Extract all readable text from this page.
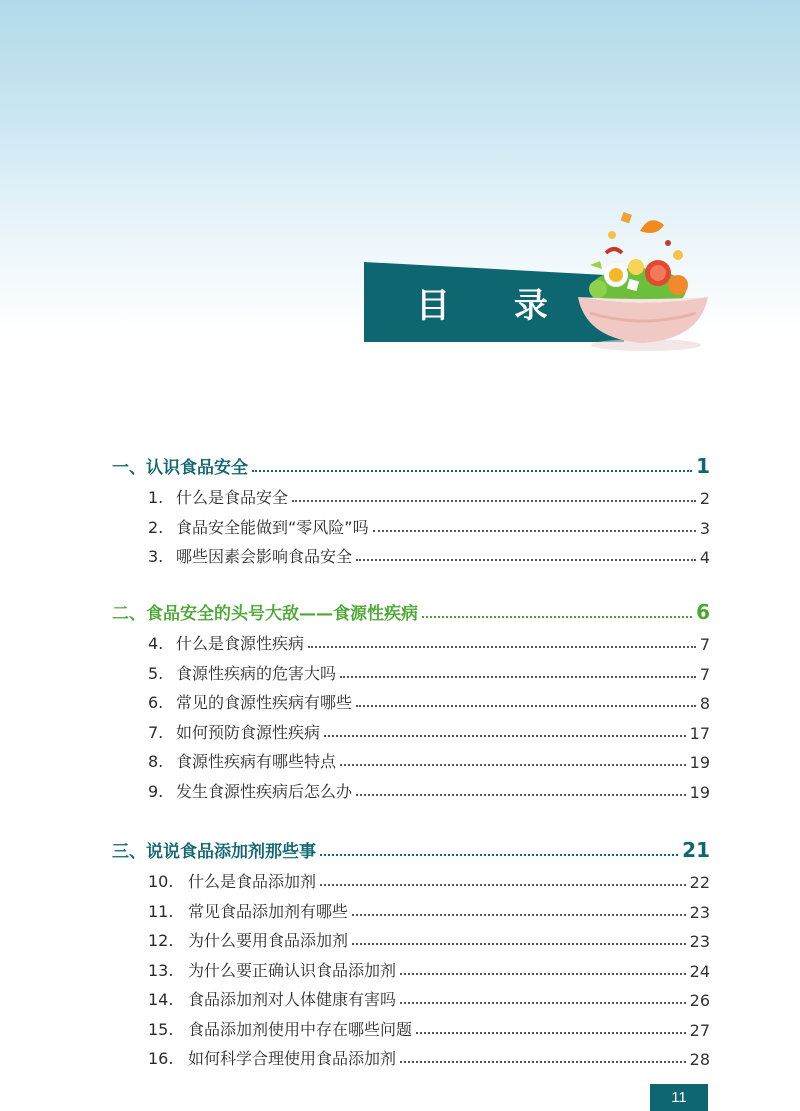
目 录
一、认识食品安全	1
1. 什么是食品安全	2
2. 食品安全能做到“零风险”吗	3
3. 哪些因素会影响食品安全	4
二、食品安全的头号大敌——食源性疾病	6
4. 什么是食源性疾病	7
5. 食源性疾病的危害大吗	7
6. 常见的食源性疾病有哪些	8
7. 如何预防食源性疾病	17
8. 食源性疾病有哪些特点	19
9. 发生食源性疾病后怎么办	19
三、说说食品添加剂那些事	21
10. 什么是食品添加剂	22
11. 常见食品添加剂有哪些	23
12. 为什么要用食品添加剂	23
13. 为什么要正确认识食品添加剂	24
14. 食品添加剂对人体健康有害吗	26
15. 食品添加剂使用中存在哪些问题	27
16. 如何科学合理使用食品添加剂	28
11
